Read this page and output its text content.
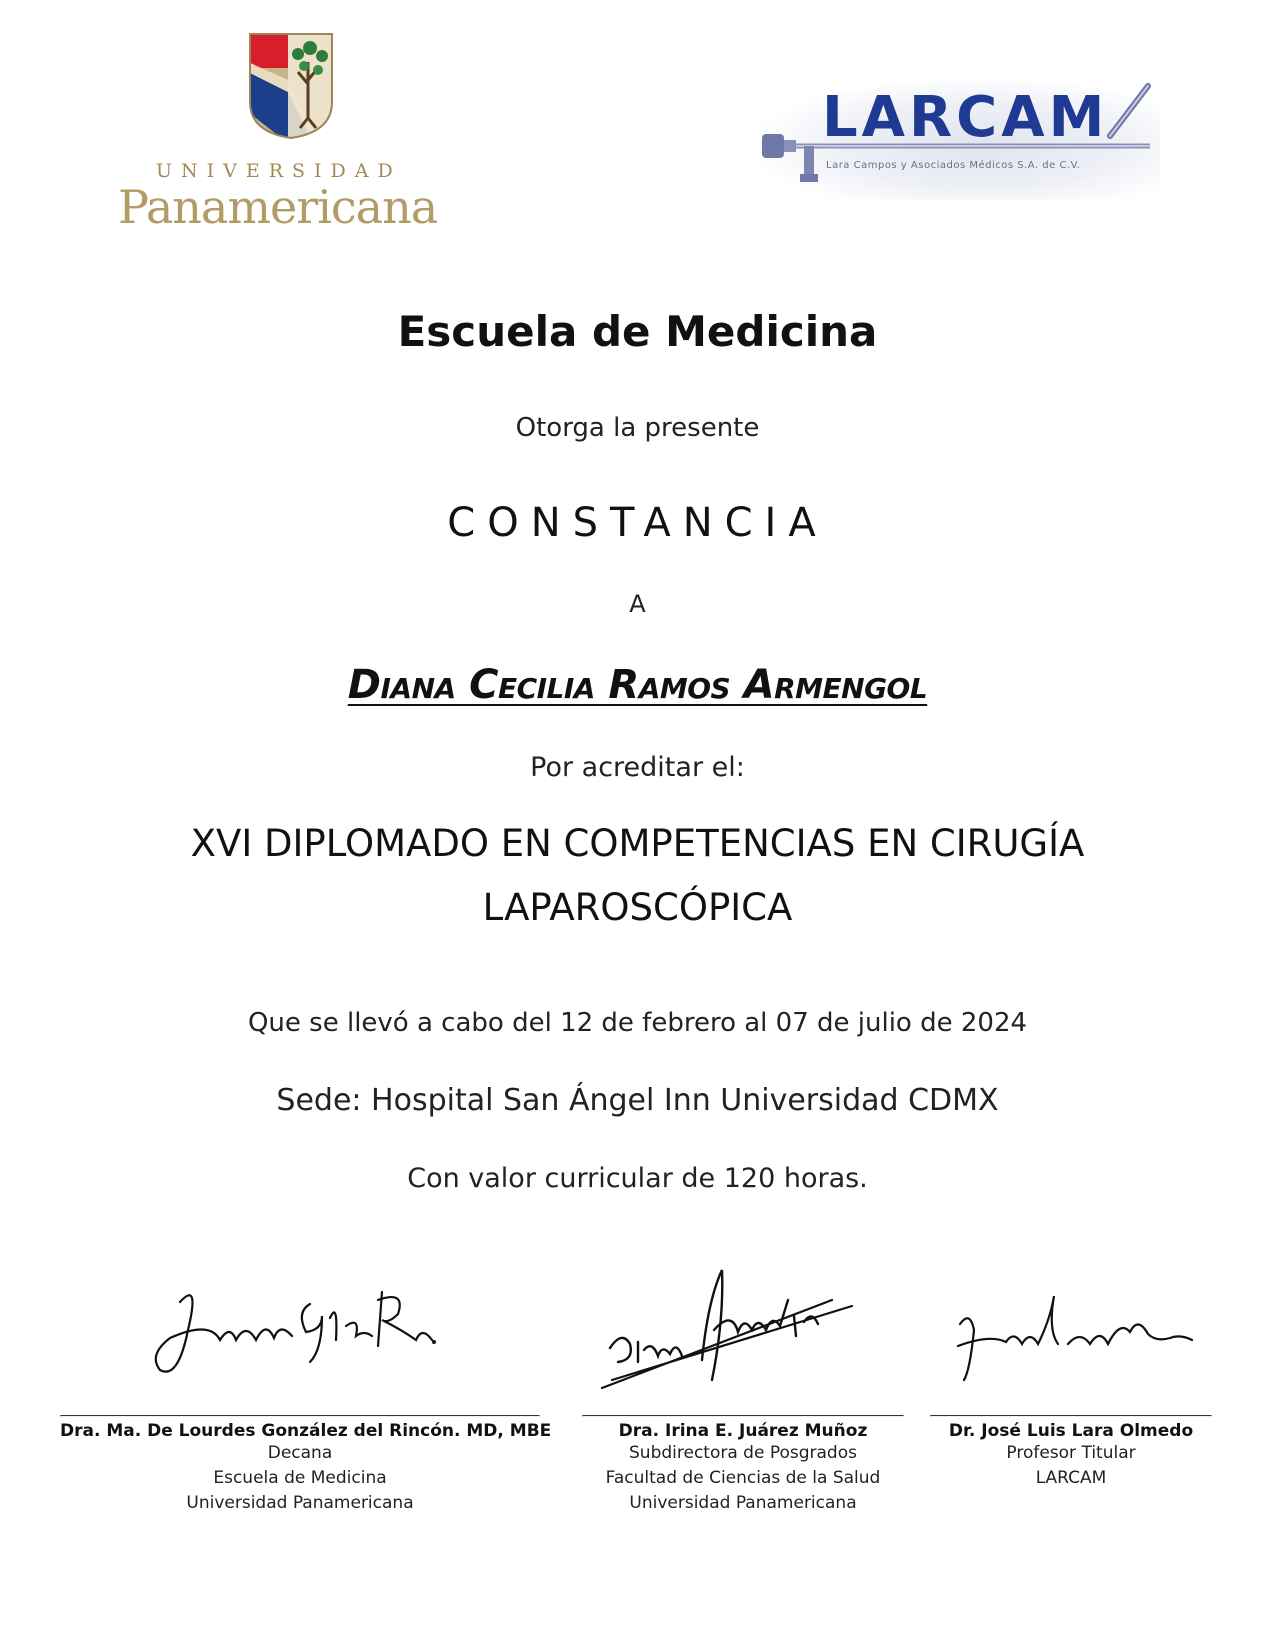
UNIVERSIDAD
Panamericana
LARCAM
Lara Campos y Asociados Médicos S.A. de C.V.
Escuela de Medicina
Otorga la presente
CONSTANCIA
A
Diana Cecilia Ramos Armengol
Por acreditar el:
XVI DIPLOMADO EN COMPETENCIAS EN CIRUGÍA LAPAROSCÓPICA
Que se llevó a cabo del 12 de febrero al 07 de julio de 2024
Sede: Hospital San Ángel Inn Universidad CDMX
Con valor curricular de 120 horas.
Dra. Ma. De Lourdes González del Rincón. MD, MBE
Decana
Escuela de Medicina
Universidad Panamericana
Dra. Irina E. Juárez Muñoz
Subdirectora de Posgrados
Facultad de Ciencias de la Salud
Universidad Panamericana
Dr. José Luis Lara Olmedo
Profesor Titular
LARCAM
